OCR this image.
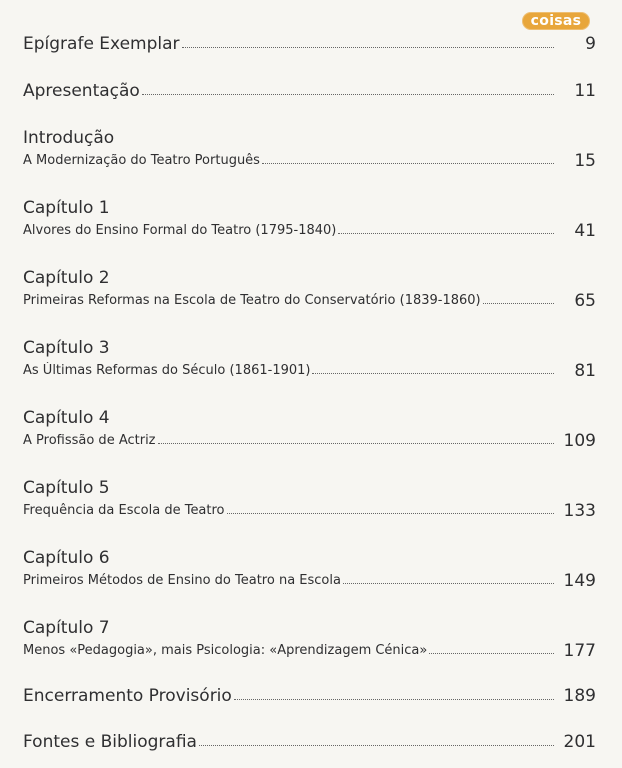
coisas
Epígrafe Exemplar	9
Apresentação	11
Introdução
A Modernização do Teatro Português	15
Capítulo 1
Alvores do Ensino Formal do Teatro (1795-1840)	41
Capítulo 2
Primeiras Reformas na Escola de Teatro do Conservatório (1839-1860)	65
Capítulo 3
As Últimas Reformas do Século (1861-1901)	81
Capítulo 4
A Profissão de Actriz	109
Capítulo 5
Frequência da Escola de Teatro	133
Capítulo 6
Primeiros Métodos de Ensino do Teatro na Escola	149
Capítulo 7
Menos «Pedagogia», mais Psicologia: «Aprendizagem Cénica»	177
Encerramento Provisório	189
Fontes e Bibliografia	201
